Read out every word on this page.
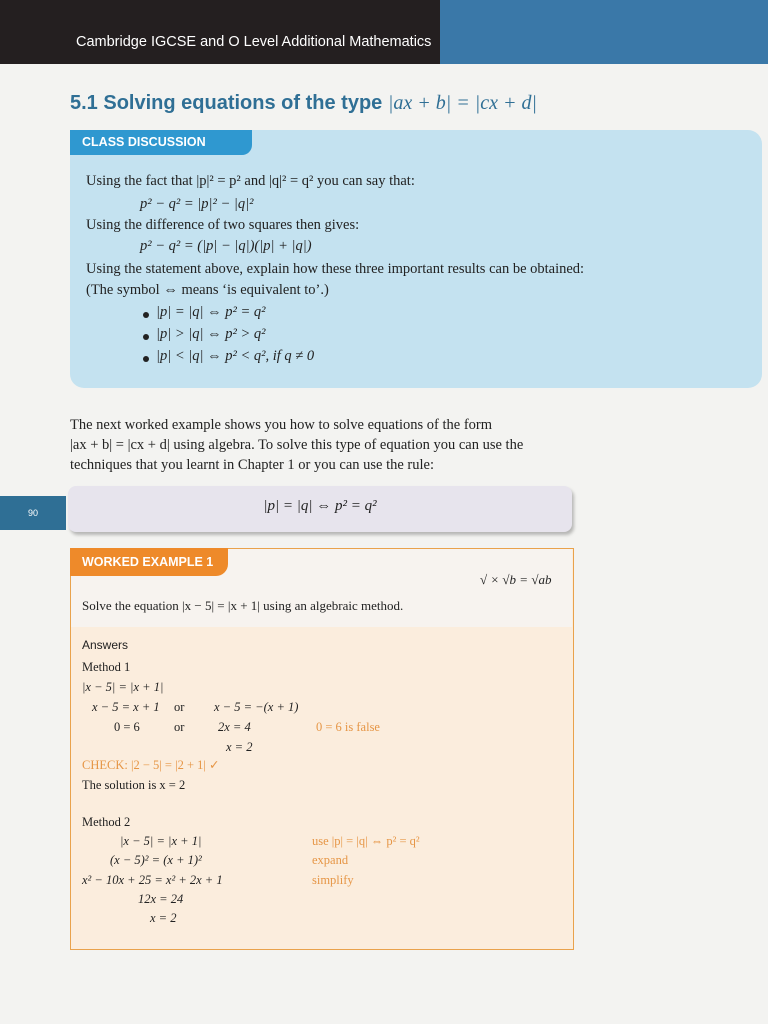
Cambridge IGCSE and O Level Additional Mathematics
5.1 Solving equations of the type |ax + b| = |cx + d|
CLASS DISCUSSION
Using the fact that |p|² = p² and |q|² = q² you can say that:
p² − q² = |p|² − |q|²
Using the difference of two squares then gives:
p² − q² = (|p| − |q|)(|p| + |q|)
Using the statement above, explain how these three important results can be obtained:
(The symbol ⇔ means ‘is equivalent to’.)
|p| = |q| ⇔ p² = q²
|p| > |q| ⇔ p² > q²
|p| < |q| ⇔ p² < q², if q ≠ 0
The next worked example shows you how to solve equations of the form
|ax + b| = |cx + d| using algebra. To solve this type of equation you can use the
techniques that you learnt in Chapter 1 or you can use the rule:
90	|p| = |q| ⇔ p² = q²
WORKED EXAMPLE 1
√ × √b = √ab
Solve the equation |x − 5| = |x + 1| using an algebraic method.
Answers
Method 1
|x − 5| = |x + 1|
x − 5 = x + 1 or x − 5 = −(x + 1)
0 = 6	or	2x = 4	0 = 6 is false
x = 2
CHECK: |2 − 5| = |2 + 1| ✓
The solution is x = 2
Method 2
|x − 5| = |x + 1|	use |p| = |q| ⇔ p² = q²
(x − 5)² = (x + 1)²	expand
x² − 10x + 25 = x² + 2x + 1	simplify
12x = 24
x = 2
